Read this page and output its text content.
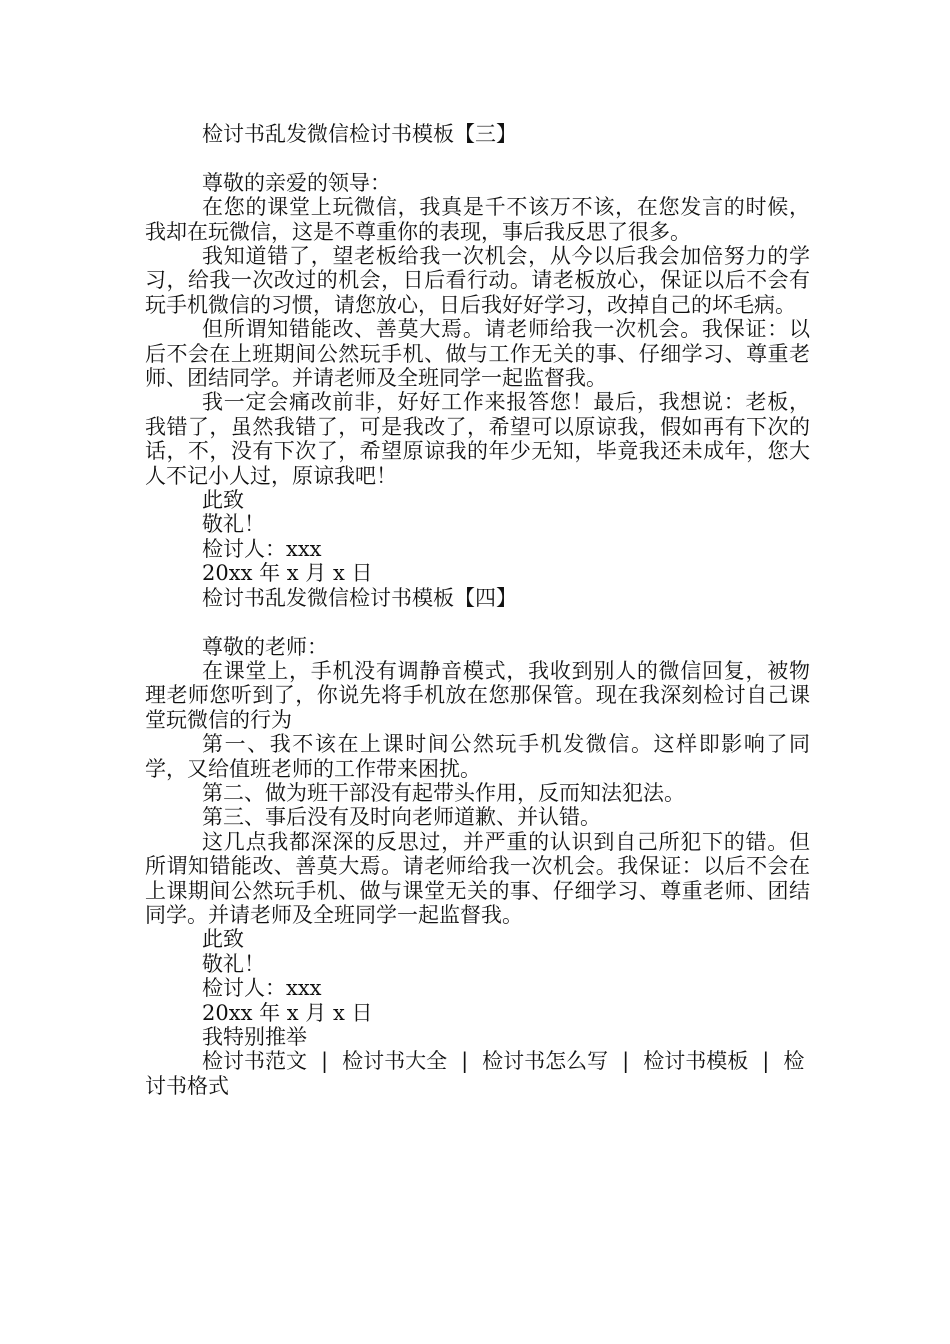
检讨书乱发微信检讨书模板【三】

尊敬的亲爱的领导：

在您的课堂上玩微信，我真是千不该万不该，在您发言的时候，我却在玩微信，这是不尊重你的表现，事后我反思了很多。

我知道错了，望老板给我一次机会，从今以后我会加倍努力的学习，给我一次改过的机会，日后看行动。请老板放心，保证以后不会有玩手机微信的习惯，请您放心，日后我好好学习，改掉自己的坏毛病。

但所谓知错能改、善莫大焉。请老师给我一次机会。我保证：以后不会在上班期间公然玩手机、做与工作无关的事、仔细学习、尊重老师、团结同学。并请老师及全班同学一起监督我。

我一定会痛改前非，好好工作来报答您！最后，我想说：老板，我错了，虽然我错了，可是我改了，希望可以原谅我，假如再有下次的话，不，没有下次了，希望原谅我的年少无知，毕竟我还未成年，您大人不记小人过，原谅我吧！

此致

敬礼！

检讨人：xxx

20xx 年 x 月 x 日

检讨书乱发微信检讨书模板【四】

尊敬的老师：

在课堂上，手机没有调静音模式，我收到别人的微信回复，被物理老师您听到了，你说先将手机放在您那保管。现在我深刻检讨自己课堂玩微信的行为

第一、我不该在上课时间公然玩手机发微信。这样即影响了同学，又给值班老师的工作带来困扰。

第二、做为班干部没有起带头作用，反而知法犯法。

第三、事后没有及时向老师道歉、并认错。

这几点我都深深的反思过，并严重的认识到自己所犯下的错。但所谓知错能改、善莫大焉。请老师给我一次机会。我保证：以后不会在上课期间公然玩手机、做与课堂无关的事、仔细学习、尊重老师、团结同学。并请老师及全班同学一起监督我。

此致

敬礼！

检讨人：xxx

20xx 年 x 月 x 日

我特别推举

检讨书范文 | 检讨书大全 | 检讨书怎么写 | 检讨书模板 | 检讨书格式
